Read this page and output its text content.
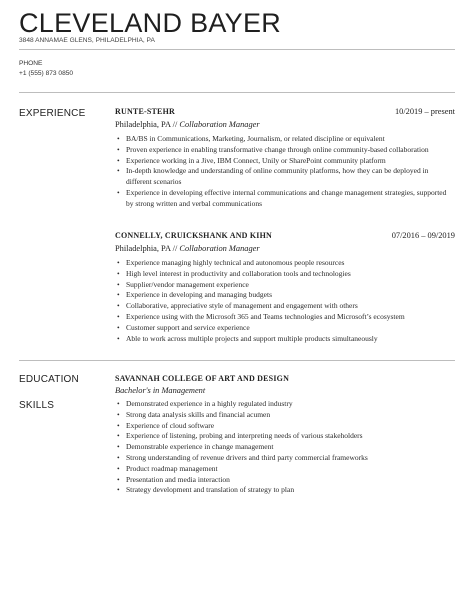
CLEVELAND BAYER
3848 ANNAMAE GLENS, PHILADELPHIA, PA
PHONE
+1 (555) 873 0850
EXPERIENCE	RUNTE-STEHR	10/2019 – present
Philadelphia, PA // Collaboration Manager
• BA/BS in Communications, Marketing, Journalism, or related discipline or equivalent
• Proven experience in enabling transformative change through online community-based collaboration
• Experience working in a Jive, IBM Connect, Unily or SharePoint community platform
• In-depth knowledge and understanding of online community platforms, how they can be deployed in different scenarios
• Experience in developing effective internal communications and change management strategies, supported by strong written and verbal communications
CONNELLY, CRUICKSHANK AND KIHN	07/2016 – 09/2019
Philadelphia, PA // Collaboration Manager
• Experience managing highly technical and autonomous people resources
• High level interest in productivity and collaboration tools and technologies
• Supplier/vendor management experience
• Experience in developing and managing budgets
• Collaborative, appreciative style of management and engagement with others
• Experience using with the Microsoft 365 and Teams technologies and Microsoft’s ecosystem
• Customer support and service experience
• Able to work across multiple projects and support multiple products simultaneously
EDUCATION	SAVANNAH COLLEGE OF ART AND DESIGN
Bachelor's in Management
SKILLS
•	Demonstrated experience in a highly regulated industry
• Strong data analysis skills and financial acumen
• Experience of cloud software
• Experience of listening, probing and interpreting needs of various stakeholders
• Demonstrable experience in change management
• Strong understanding of revenue drivers and third party commercial frameworks
• Product roadmap management
• Presentation and media interaction
• Strategy development and translation of strategy to plan
